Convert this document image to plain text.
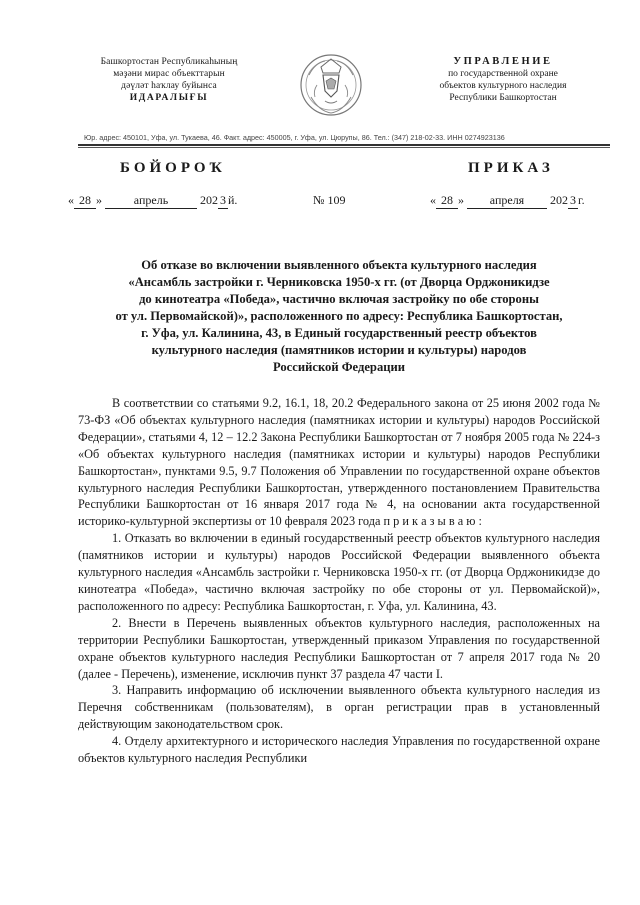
Башкортостан Республикаһының
мәҙәни мирас объекттарын
дәүләт һаҡлау буйынса
ИДАРАЛЫҒЫ
УПРАВЛЕНИЕ
по государственной охране
объектов культурного наследия
Республики Башкортостан
Юр. адрес: 450101, Уфа, ул. Тукаева, 46. Факт. адрес: 450005, г. Уфа, ул. Цюрупы, 86. Тел.: (347) 218-02-33. ИНН 0274923136
БОЙОРОҠ	ПРИКАЗ
« 28 »	апрель	202 3 й.	№ 109	« 28 » апреля 202 3 г.
Об отказе во включении выявленного объекта культурного наследия
«Ансамбль застройки г. Черниковска 1950-х гг. (от Дворца Орджоникидзе
до кинотеатра «Победа», частично включая застройку по обе стороны
от ул. Первомайской)», расположенного по адресу: Республика Башкортостан,
г. Уфа, ул. Калинина, 43, в Единый государственный реестр объектов
культурного наследия (памятников истории и культуры) народов
Российской Федерации

В соответствии со статьями 9.2, 16.1, 18, 20.2 Федерального закона от 25 июня 2002 года № 73-ФЗ «Об объектах культурного наследия (памятниках истории и культуры) народов Российской Федерации», статьями 4, 12 – 12.2 Закона Республики Башкортостан от 7 ноября 2005 года № 224-з «Об объектах культурного наследия (памятниках истории и культуры) народов Республики Башкортостан», пунктами 9.5, 9.7 Положения об Управлении по государственной охране объектов культурного наследия Республики Башкортостан, утвержденного постановлением Правительства Республики Башкортостан от 16 января 2017 года № 4, на основании акта государственной историко-культурной экспертизы от 10 февраля 2023 года п р и к а з ы в а ю :

1. Отказать во включении в единый государственный реестр объектов культурного наследия (памятников истории и культуры) народов Российской Федерации выявленного объекта культурного наследия «Ансамбль застройки г. Черниковска 1950-х гг. (от Дворца Орджоникидзе до кинотеатра «Победа», частично включая застройку по обе стороны от ул. Первомайской)», расположенного по адресу: Республика Башкортостан, г. Уфа, ул. Калинина, 43.

2. Внести в Перечень выявленных объектов культурного наследия, расположенных на территории Республики Башкортостан, утвержденный приказом Управления по государственной охране объектов культурного наследия Республики Башкортостан от 7 апреля 2017 года № 20 (далее - Перечень), изменение, исключив пункт 37 раздела 47 части I.

3. Направить информацию об исключении выявленного объекта культурного наследия из Перечня собственникам (пользователям), в орган регистрации прав в установленный действующим законодательством срок.

4. Отделу архитектурного и исторического наследия Управления по государственной охране объектов культурного наследия Республики
